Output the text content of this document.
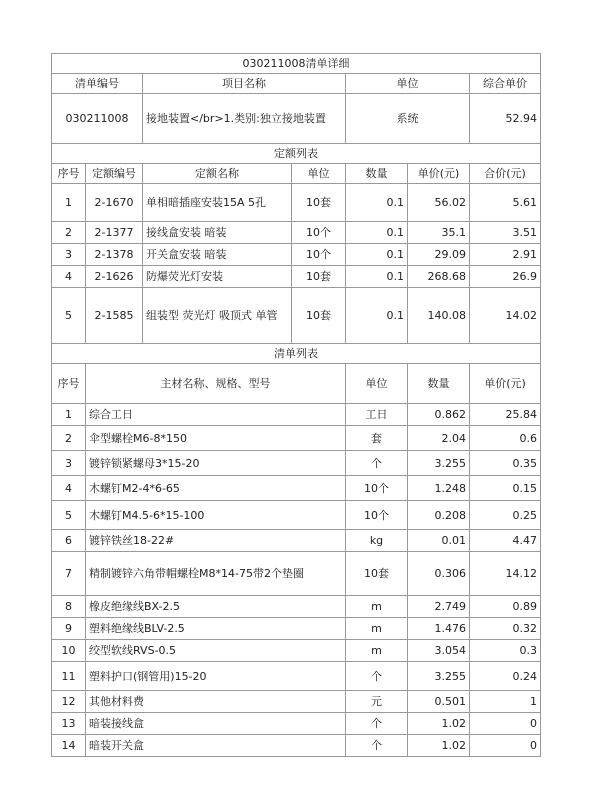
030211008清单详细							
清单编号		项目名称		单位		综合单价	
030211008		接地装置</br>1.类别:独立接地装置		系统		52.94	
定额列表							
序号	定额编号	定额名称	单位	数量	单价(元)	合价(元)	
1	2-1670	单相暗插座安装15A 5孔	10套	0.1	56.02	5.61	
2	2-1377	接线盒安装 暗装	10个	0.1	35.1	3.51	
3	2-1378	开关盒安装 暗装	10个	0.1	29.09	2.91	
4	2-1626	防爆荧光灯安装	10套	0.1	268.68	26.9	
5	2-1585	组装型 荧光灯 吸顶式 单管	10套	0.1	140.08	14.02	
清单列表							
序号	主材名称、规格、型号			单位	数量	单价(元)	
1	综合工日			工日	0.862	25.84	
2	伞型螺栓M6-8*150			套	2.04	0.6	
3	镀锌锁紧螺母3*15-20			个	3.255	0.35	
4	木螺钉M2-4*6-65			10个	1.248	0.15	
5	木螺钉M4.5-6*15-100			10个	0.208	0.25	
6	镀锌铁丝18-22#			kg	0.01	4.47	
7	精制镀锌六角带帽螺栓M8*14-75带2个垫圈			10套	0.306	14.12	
8	橡皮绝缘线BX-2.5			m	2.749	0.89	
9	塑料绝缘线BLV-2.5			m	1.476	0.32	
10	绞型软线RVS-0.5			m	3.054	0.3	
11	塑料护口(钢管用)15-20			个	3.255	0.24	
12	其他材料费			元	0.501	1	
13	暗装接线盒			个	1.02	0	
14	暗装开关盒			个	1.02	0	
